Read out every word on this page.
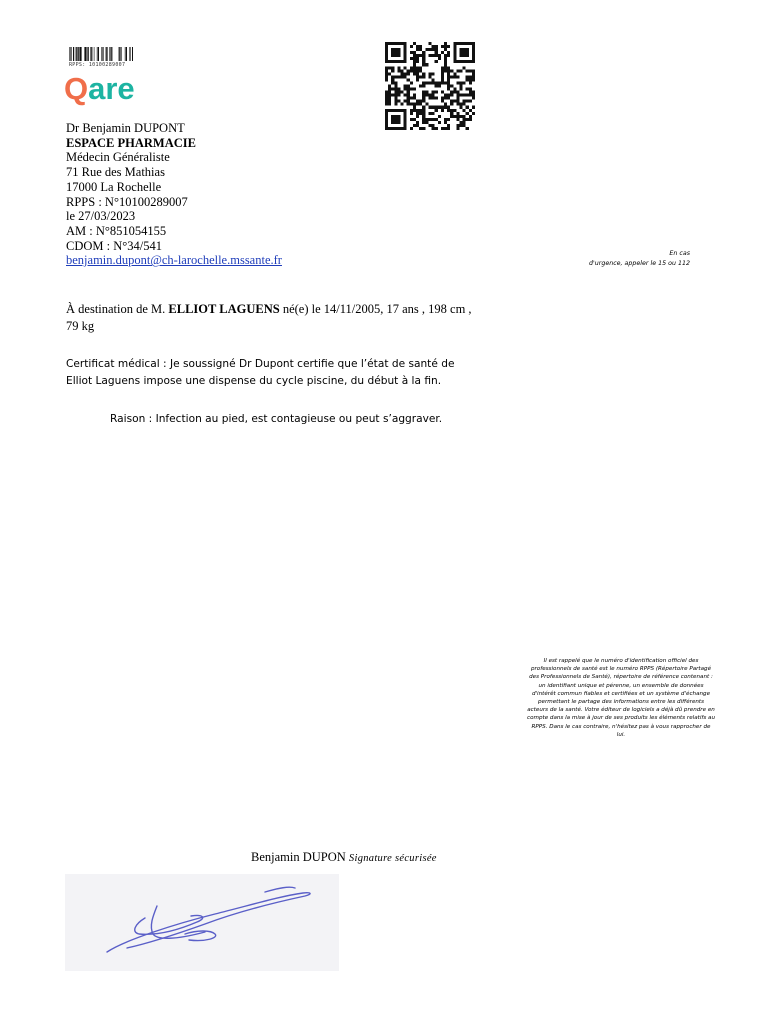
RPPS: 10100289007
Qare
Dr Benjamin DUPONT
ESPACE PHARMACIE
Médecin Généraliste
71 Rue des Mathias
17000 La Rochelle
RPPS : N°10100289007
le 27/03/2023
AM : N°851054155
CDOM : N°34/541
benjamin.dupont@ch-larochelle.mssante.fr	En cas
d'urgence, appeler le 15 ou 112
À destination de M. ELLIOT LAGUENS né(e) le 14/11/2005, 17 ans , 198 cm , 79 kg
Certificat médical : Je soussigné Dr Dupont certifie que l’état de santé de
Elliot Laguens impose une dispense du cycle piscine, du début à la fin.
Raison : Infection au pied, est contagieuse ou peut s’aggraver.
Il est rappelé que le numéro d'identification officiel des professionnels de santé est le numéro RPPS (Répertoire Partagé des Professionnels de Santé), répertoire de référence contenant : un identifiant unique et pérenne, un ensemble de données d'intérêt commun fiables et certifiées et un système d'échange permettant le partage des informations entre les différents acteurs de la santé. Votre éditeur de logiciels a déjà dû prendre en compte dans la mise à jour de ses produits les éléments relatifs au RPPS. Dans le cas contraire, n'hésitez pas à vous rapprocher de lui.
Benjamin DUPON Signature sécurisée
